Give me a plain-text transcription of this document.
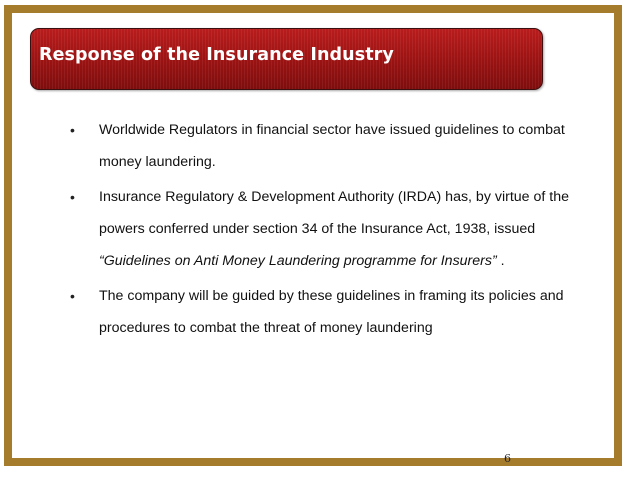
Response of the Insurance Industry
• Worldwide Regulators in financial sector have issued guidelines to combat money laundering.

• Insurance Regulatory & Development Authority (IRDA) has, by virtue of the powers conferred under section 34 of the Insurance Act, 1938, issued “Guidelines on Anti Money Laundering programme for Insurers” .

• The company will be guided by these guidelines in framing its policies and procedures to combat the threat of money laundering

6
